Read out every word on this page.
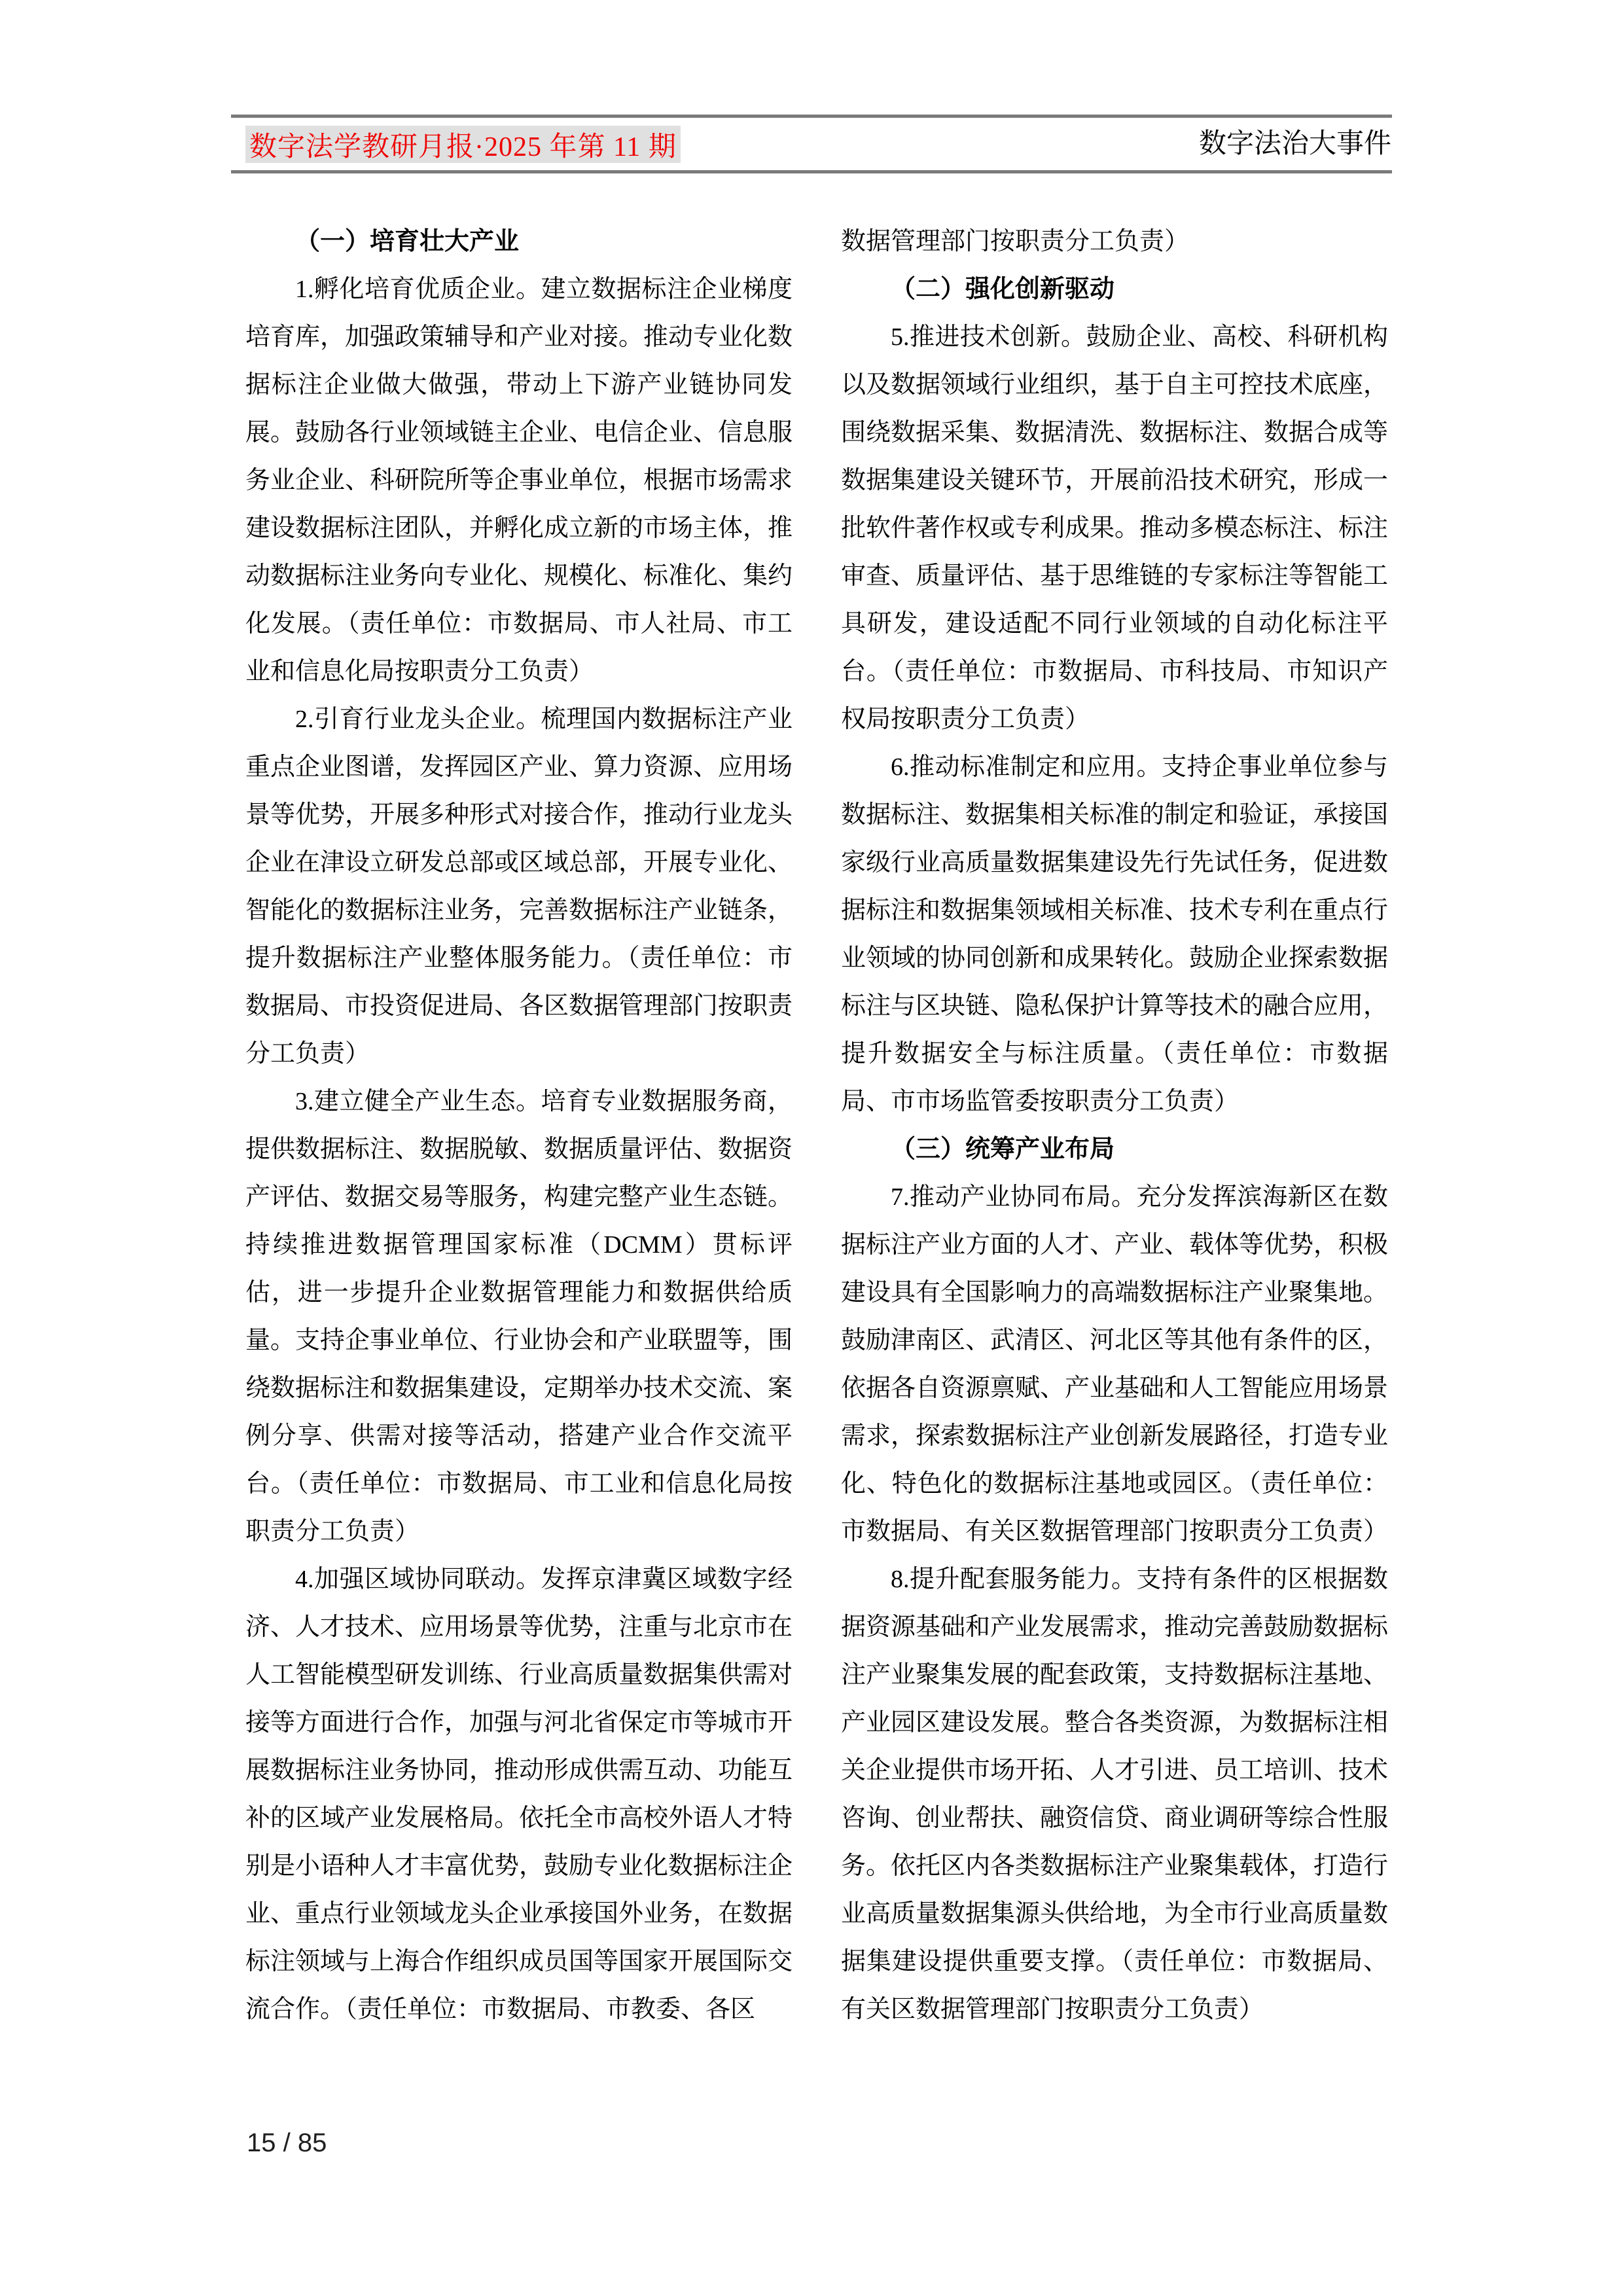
数字法学教研月报·2025 年第 11 期	数字法治大事件
（一）培育壮大产业

1.孵化培育优质企业。建立数据标注企业梯度培育库，加强政策辅导和产业对接。推动专业化数据标注企业做大做强，带动上下游产业链协同发展。鼓励各行业领域链主企业、电信企业、信息服务业企业、科研院所等企事业单位，根据市场需求建设数据标注团队，并孵化成立新的市场主体，推动数据标注业务向专业化、规模化、标准化、集约化发展。（责任单位：市数据局、市人社局、市工业和信息化局按职责分工负责）

2.引育行业龙头企业。梳理国内数据标注产业重点企业图谱，发挥园区产业、算力资源、应用场景等优势，开展多种形式对接合作，推动行业龙头企业在津设立研发总部或区域总部，开展专业化、智能化的数据标注业务，完善数据标注产业链条，提升数据标注产业整体服务能力。（责任单位：市数据局、市投资促进局、各区数据管理部门按职责分工负责）

3.建立健全产业生态。培育专业数据服务商，提供数据标注、数据脱敏、数据质量评估、数据资产评估、数据交易等服务，构建完整产业生态链。持续推进数据管理国家标准（DCMM）贯标评估，进一步提升企业数据管理能力和数据供给质量。支持企事业单位、行业协会和产业联盟等，围绕数据标注和数据集建设，定期举办技术交流、案例分享、供需对接等活动，搭建产业合作交流平台。（责任单位：市数据局、市工业和信息化局按职责分工负责）

4.加强区域协同联动。发挥京津冀区域数字经济、人才技术、应用场景等优势，注重与北京市在人工智能模型研发训练、行业高质量数据集供需对接等方面进行合作，加强与河北省保定市等城市开展数据标注业务协同，推动形成供需互动、功能互补的区域产业发展格局。依托全市高校外语人才特别是小语种人才丰富优势，鼓励专业化数据标注企业、重点行业领域龙头企业承接国外业务，在数据标注领域与上海合作组织成员国等国家开展国际交流合作。（责任单位：市数据局、市教委、各区

数据管理部门按职责分工负责）

（二）强化创新驱动

5.推进技术创新。鼓励企业、高校、科研机构以及数据领域行业组织，基于自主可控技术底座，围绕数据采集、数据清洗、数据标注、数据合成等数据集建设关键环节，开展前沿技术研究，形成一批软件著作权或专利成果。推动多模态标注、标注审查、质量评估、基于思维链的专家标注等智能工具研发，建设适配不同行业领域的自动化标注平台。（责任单位：市数据局、市科技局、市知识产权局按职责分工负责）

6.推动标准制定和应用。支持企事业单位参与数据标注、数据集相关标准的制定和验证，承接国家级行业高质量数据集建设先行先试任务，促进数据标注和数据集领域相关标准、技术专利在重点行业领域的协同创新和成果转化。鼓励企业探索数据标注与区块链、隐私保护计算等技术的融合应用，提升数据安全与标注质量。（责任单位：市数据局、市市场监管委按职责分工负责）

（三）统筹产业布局

7.推动产业协同布局。充分发挥滨海新区在数据标注产业方面的人才、产业、载体等优势，积极建设具有全国影响力的高端数据标注产业聚集地。鼓励津南区、武清区、河北区等其他有条件的区，依据各自资源禀赋、产业基础和人工智能应用场景需求，探索数据标注产业创新发展路径，打造专业化、特色化的数据标注基地或园区。（责任单位：市数据局、有关区数据管理部门按职责分工负责）

8.提升配套服务能力。支持有条件的区根据数据资源基础和产业发展需求，推动完善鼓励数据标注产业聚集发展的配套政策，支持数据标注基地、产业园区建设发展。整合各类资源，为数据标注相关企业提供市场开拓、人才引进、员工培训、技术咨询、创业帮扶、融资信贷、商业调研等综合性服务。依托区内各类数据标注产业聚集载体，打造行业高质量数据集源头供给地，为全市行业高质量数据集建设提供重要支撑。（责任单位：市数据局、有关区数据管理部门按职责分工负责）

15 / 85
